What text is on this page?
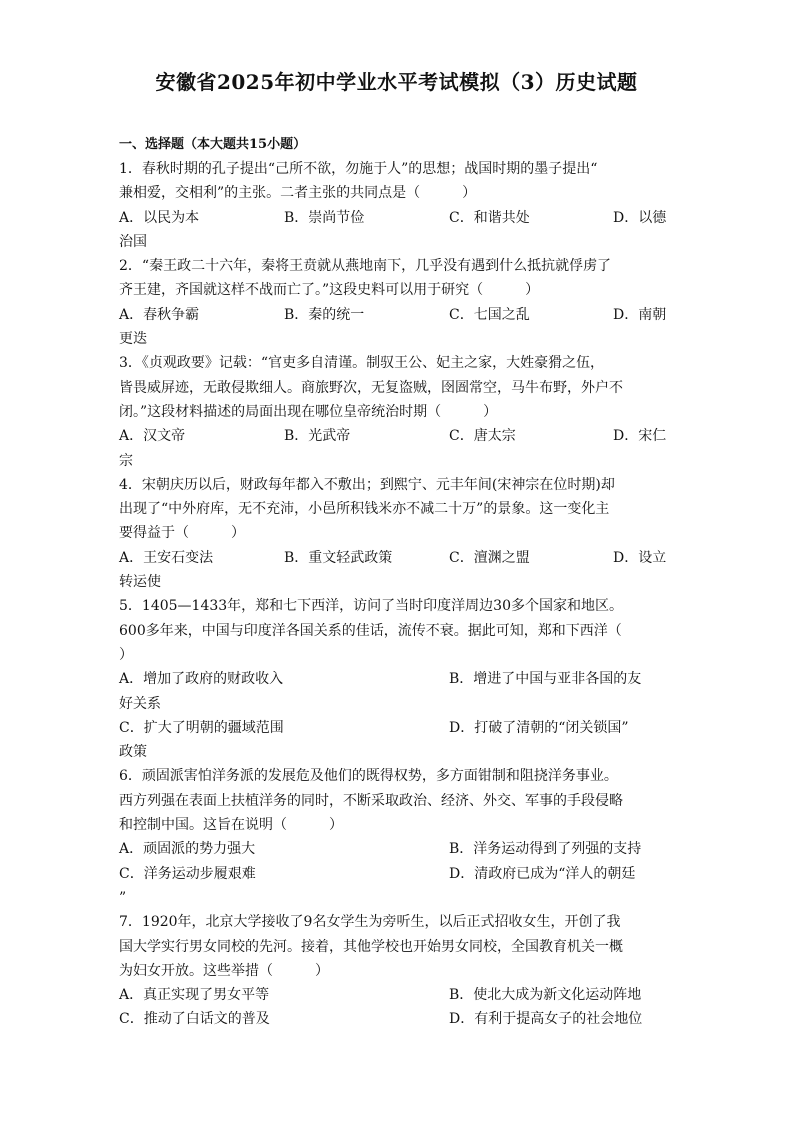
安徽省2025年初中学业水平考试模拟（3）历史试题
一、选择题（本大题共15小题）
1．春秋时期的孔子提出“己所不欲，勿施于人”的思想；战国时期的墨子提出“
兼相爱，交相利”的主张。二者主张的共同点是（　　　）
A．以民为本	B．崇尚节俭	C．和谐共处	D．以德
治国
2．“秦王政二十六年，秦将王贲就从燕地南下，几乎没有遇到什么抵抗就俘虏了
齐王建，齐国就这样不战而亡了。”这段史料可以用于研究（　　　）
A．春秋争霸	B．秦的统一	C．七国之乱	D．南朝
更迭
3．《贞观政要》记载：“官吏多自清谨。制驭王公、妃主之家，大姓豪猾之伍，
皆畏威屏迹，无敢侵欺细人。商旅野次，无复盗贼，囹圄常空，马牛布野，外户不
闭。”这段材料描述的局面出现在哪位皇帝统治时期（　　　）
A．汉文帝	B．光武帝	C．唐太宗	D．宋仁
宗
4．宋朝庆历以后，财政每年都入不敷出；到熙宁、元丰年间(宋神宗在位时期)却
出现了“中外府库，无不充沛，小邑所积钱米亦不减二十万”的景象。这一变化主
要得益于（　　　）
A．王安石变法	B．重文轻武政策	C．澶渊之盟	D．设立
转运使
5．1405—1433年，郑和七下西洋，访问了当时印度洋周边30多个国家和地区。
600多年来，中国与印度洋各国关系的佳话，流传不衰。据此可知，郑和下西洋（
）
A．增加了政府的财政收入	B．增进了中国与亚非各国的友
好关系
C．扩大了明朝的疆域范围	D．打破了清朝的“闭关锁国”
政策
6．顽固派害怕洋务派的发展危及他们的既得权势，多方面钳制和阻挠洋务事业。
西方列强在表面上扶植洋务的同时，不断采取政治、经济、外交、军事的手段侵略
和控制中国。这旨在说明（　　　）
A．顽固派的势力强大	B．洋务运动得到了列强的支持
C．洋务运动步履艰难	D．清政府已成为“洋人的朝廷
”
7．1920年，北京大学接收了9名女学生为旁听生，以后正式招收女生，开创了我
国大学实行男女同校的先河。接着，其他学校也开始男女同校，全国教育机关一概
为妇女开放。这些举措（　　　）
A．真正实现了男女平等	B．使北大成为新文化运动阵地
C．推动了白话文的普及	D．有利于提高女子的社会地位
